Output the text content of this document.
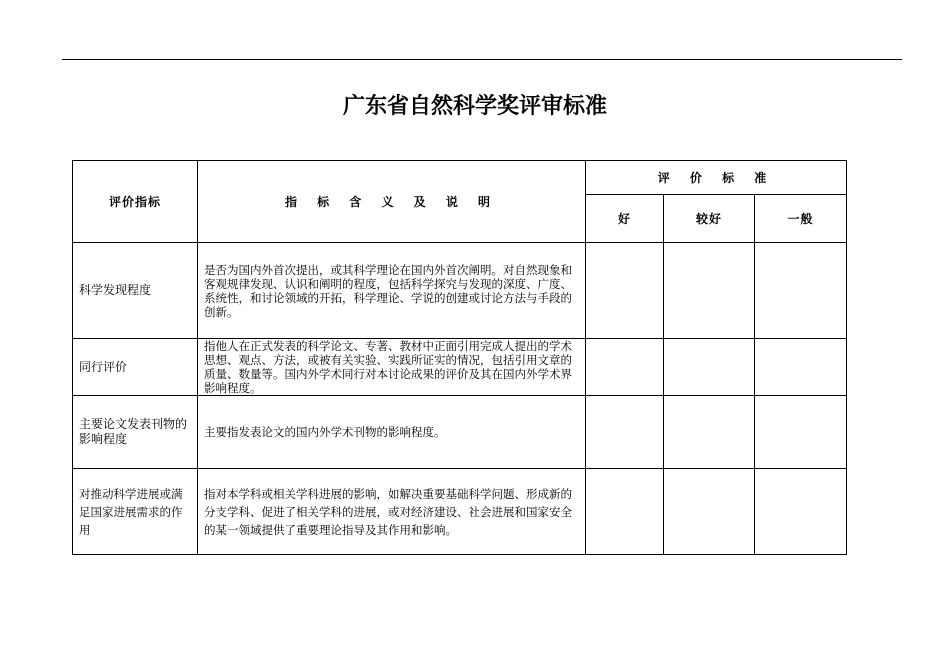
广东省自然科学奖评审标准
评价指标	指 标 含 义 及 说 明	评 价 标 准		
		好	较好	一般
科学发现程度	是否为国内外首次提出，或其科学理论在国内外首次阐明。对自然现象和客观规律发现、认识和阐明的程度，包括科学探究与发现的深度、广度、系统性，和讨论领域的开拓，科学理论、学说的创建或讨论方法与手段的创新。			
同行评价	指他人在正式发表的科学论文、专著、教材中正面引用完成人提出的学术思想、观点、方法，或被有关实验、实践所证实的情况，包括引用文章的质量、数量等。国内外学术同行对本讨论成果的评价及其在国内外学术界影响程度。			
主要论文发表刊物的影响程度	主要指发表论文的国内外学术刊物的影响程度。			
对推动科学进展或满足国家进展需求的作用	指对本学科或相关学科进展的影响，如解决重要基础科学问题、形成新的分支学科、促进了相关学科的进展，或对经济建设、社会进展和国家安全的某一领域提供了重要理论指导及其作用和影响。			
